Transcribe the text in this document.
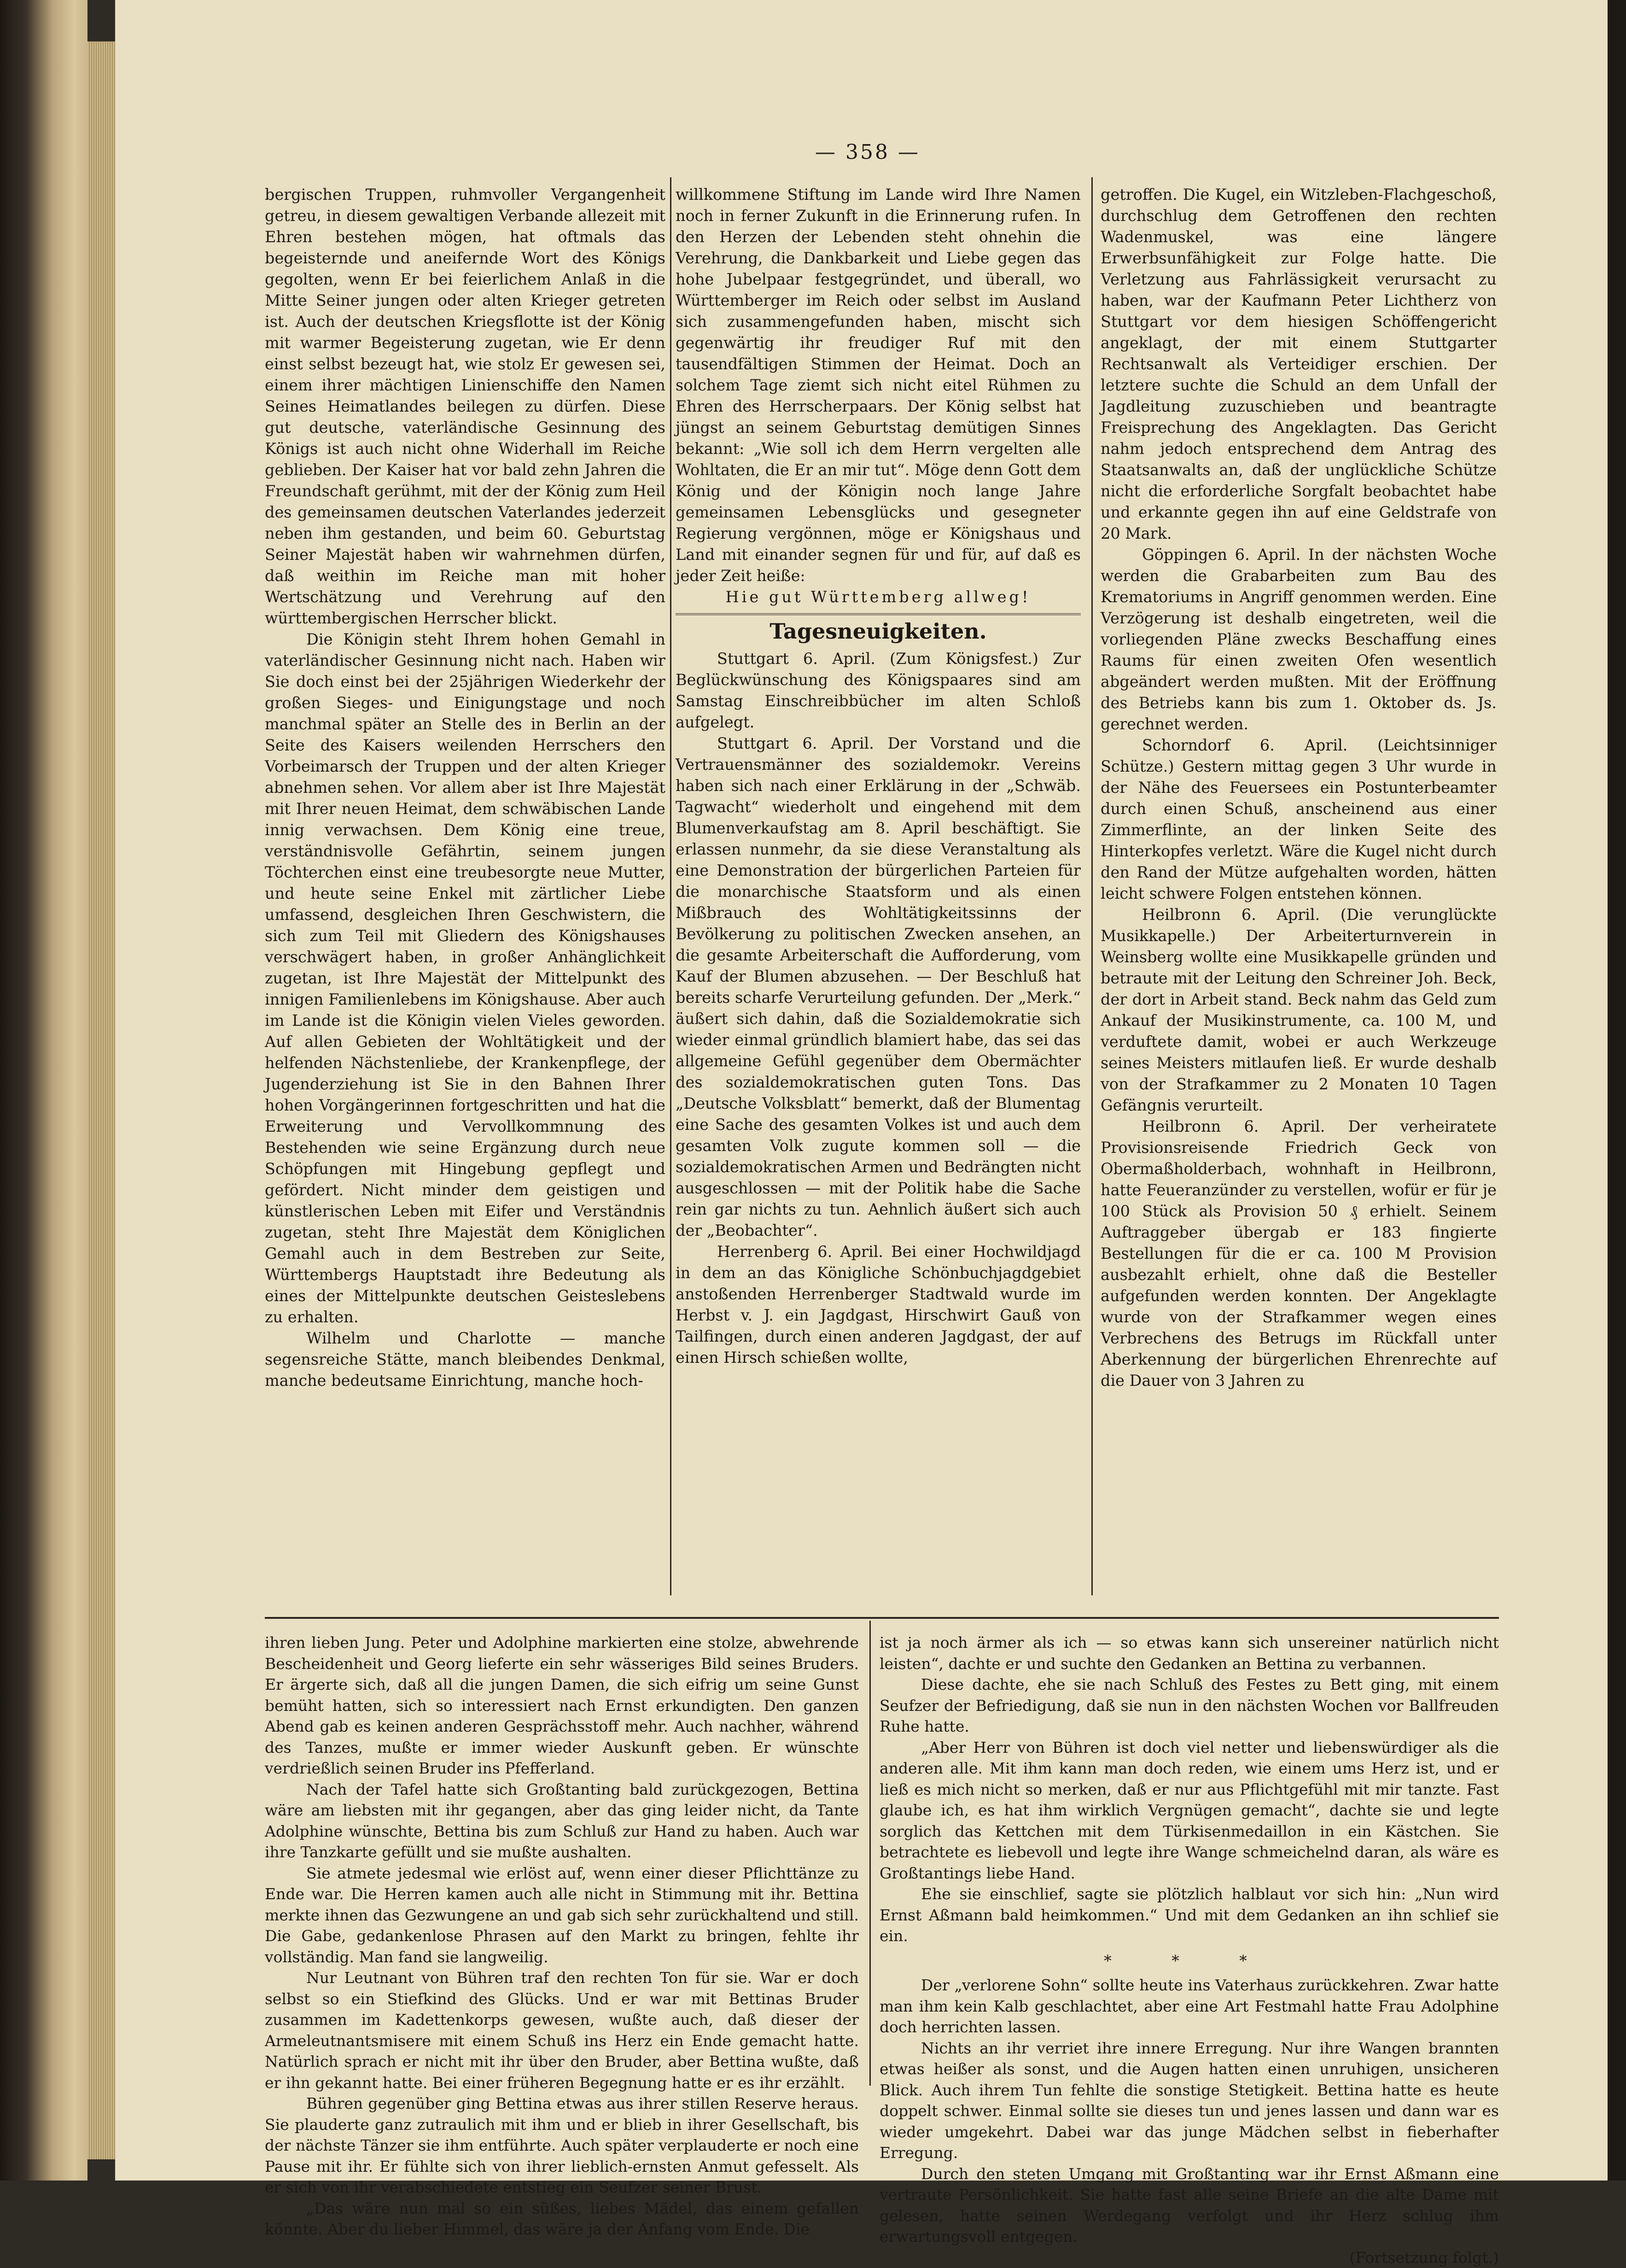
— 358 —

bergischen Truppen, ruhmvoller Vergangenheit getreu, in diesem gewaltigen Verbande allezeit mit Ehren bestehen mögen, hat oftmals das begeisternde und aneiferndе Wort des Königs gegolten, wenn Er bei feierlichem Anlaß in die Mitte Seiner jungen oder alten Krieger getreten ist. Auch der deutschen Kriegsflotte ist der König mit warmer Begeisterung zugetan, wie Er denn einst selbst bezeugt hat, wie stolz Er gewesen sei, einem ihrer mächtigen Linienschiffe den Namen Seines Heimatlandes beilegen zu dürfen. Diese gut deutsche, vaterländische Gesinnung des Königs ist auch nicht ohne Widerhall im Reiche geblieben. Der Kaiser hat vor bald zehn Jahren die Freundschaft gerühmt, mit der der König zum Heil des gemeinsamen deutschen Vaterlandes jederzeit neben ihm gestanden, und beim 60. Geburtstag Seiner Majestät haben wir wahrnehmen dürfen, daß weithin im Reiche man mit hoher Wertschätzung und Verehrung auf den württembergischen Herrscher blickt.

Die Königin steht Ihrem hohen Gemahl in vaterländischer Gesinnung nicht nach. Haben wir Sie doch einst bei der 25jährigen Wiederkehr der großen Sieges- und Einigungstage und noch manchmal später an Stelle des in Berlin an der Seite des Kaisers weilenden Herrschers den Vorbeimarsch der Truppen und der alten Krieger abnehmen sehen. Vor allem aber ist Ihre Majestät mit Ihrer neuen Heimat, dem schwäbischen Lande innig verwachsen. Dem König eine treue, verständnisvolle Gefährtin, seinem jungen Töchterchen einst eine treubesorgte neue Mutter, und heute seine Enkel mit zärtlicher Liebe umfassend, desgleichen Ihren Geschwistern, die sich zum Teil mit Gliedern des Königshauses verschwägert haben, in großer Anhänglichkeit zugetan, ist Ihre Majestät der Mittelpunkt des innigen Familienlebens im Königshause. Aber auch im Lande ist die Königin vielen Vieles geworden. Auf allen Gebieten der Wohltätigkeit und der helfenden Nächstenliebe, der Krankenpflege, der Jugenderziehung ist Sie in den Bahnen Ihrer hohen Vorgängerinnen fortgeschritten und hat die Erweiterung und Vervollkommnung des Bestehenden wie seine Ergänzung durch neue Schöpfungen mit Hingebung gepflegt und gefördert. Nicht minder dem geistigen und künstlerischen Leben mit Eifer und Verständnis zugetan, steht Ihre Majestät dem Königlichen Gemahl auch in dem Bestreben zur Seite, Württembergs Hauptstadt ihre Bedeutung als eines der Mittelpunkte deutschen Geisteslebens zu erhalten.

Wilhelm und Charlotte — manche segensreiche Stätte, manch bleibendes Denkmal, manche bedeutsame Einrichtung, manche hoch-

willkommene Stiftung im Lande wird Ihre Namen noch in ferner Zukunft in die Erinnerung rufen. In den Herzen der Lebenden steht ohnehin die Verehrung, die Dankbarkeit und Liebe gegen das hohe Jubelpaar festgegründet, und überall, wo Württemberger im Reich oder selbst im Ausland sich zusammengefunden haben, mischt sich gegenwärtig ihr freudiger Ruf mit den tausendfältigen Stimmen der Heimat. Doch an solchem Tage ziemt sich nicht eitel Rühmen zu Ehren des Herrscherpaars. Der König selbst hat jüngst an seinem Geburtstag demütigen Sinnes bekannt: „Wie soll ich dem Herrn vergelten alle Wohltaten, die Er an mir tut“. Möge denn Gott dem König und der Königin noch lange Jahre gemeinsamen Lebensglücks und gesegneter Regierung vergönnen, möge er Königshaus und Land mit einander segnen für und für, auf daß es jeder Zeit heiße:

Hie gut Württemberg allweg!

Tagesneuigkeiten.

Stuttgart 6. April. (Zum Königsfest.) Zur Beglückwünschung des Königspaares sind am Samstag Einschreibbücher im alten Schloß aufgelegt.

Stuttgart 6. April. Der Vorstand und die Vertrauensmänner des sozialdemokr. Vereins haben sich nach einer Erklärung in der „Schwäb. Tagwacht“ wiederholt und eingehend mit dem Blumenverkaufstag am 8. April beschäftigt. Sie erlassen nunmehr, da sie diese Veranstaltung als eine Demonstration der bürgerlichen Parteien für die monarchische Staatsform und als einen Mißbrauch des Wohltätigkeitssinns der Bevölkerung zu politischen Zwecken ansehen, an die gesamte Arbeiterschaft die Aufforderung, vom Kauf der Blumen abzusehen. — Der Beschluß hat bereits scharfe Verurteilung gefunden. Der „Merk.“ äußert sich dahin, daß die Sozialdemokratie sich wieder einmal gründlich blamiert habe, das sei das allgemeine Gefühl gegenüber dem Obermächter des sozialdemokratischen guten Tons. Das „Deutsche Volksblatt“ bemerkt, daß der Blumentag eine Sache des gesamten Volkes ist und auch dem gesamten Volk zugute kommen soll — die sozialdemokratischen Armen und Bedrängten nicht ausgeschlossen — mit der Politik habe die Sache rein gar nichts zu tun. Aehnlich äußert sich auch der „Beobachter“.

Herrenberg 6. April. Bei einer Hochwildjagd in dem an das Königliche Schönbuchjagdgebiet anstoßenden Herrenberger Stadtwald wurde im Herbst v. J. ein Jagdgast, Hirschwirt Gauß von Tailfingen, durch einen anderen Jagdgast, der auf einen Hirsch schießen wollte,

getroffen. Die Kugel, ein Witzleben-Flachgeschoß, durchschlug dem Getroffenen den rechten Wadenmuskel, was eine längere Erwerbsunfähigkeit zur Folge hatte. Die Verletzung aus Fahrlässigkeit verursacht zu haben, war der Kaufmann Peter Lichtherz von Stuttgart vor dem hiesigen Schöffengericht angeklagt, der mit einem Stuttgarter Rechtsanwalt als Verteidiger erschien. Der letztere suchte die Schuld an dem Unfall der Jagdleitung zuzuschieben und beantragte Freisprechung des Angeklagten. Das Gericht nahm jedoch entsprechend dem Antrag des Staatsanwalts an, daß der unglückliche Schütze nicht die erforderliche Sorgfalt beobachtet habe und erkannte gegen ihn auf eine Geldstrafe von 20 Mark.

Göppingen 6. April. In der nächsten Woche werden die Grabarbeiten zum Bau des Krematoriums in Angriff genommen werden. Eine Verzögerung ist deshalb eingetreten, weil die vorliegenden Pläne zwecks Beschaffung eines Raums für einen zweiten Ofen wesentlich abgeändert werden mußten. Mit der Eröffnung des Betriebs kann bis zum 1. Oktober ds. Js. gerechnet werden.

Schorndorf 6. April. (Leichtsinniger Schütze.) Gestern mittag gegen 3 Uhr wurde in der Nähe des Feuersees ein Postunterbeamter durch einen Schuß, anscheinend aus einer Zimmerflinte, an der linken Seite des Hinterkopfes verletzt. Wäre die Kugel nicht durch den Rand der Mütze aufgehalten worden, hätten leicht schwere Folgen entstehen können.

Heilbronn 6. April. (Die verunglückte Musikkapelle.) Der Arbeiterturnverein in Weinsberg wollte eine Musikkapelle gründen und betraute mit der Leitung den Schreiner Joh. Beck, der dort in Arbeit stand. Beck nahm das Geld zum Ankauf der Musikinstrumente, ca. 100 M, und verduftete damit, wobei er auch Werkzeuge seines Meisters mitlaufen ließ. Er wurde deshalb von der Strafkammer zu 2 Monaten 10 Tagen Gefängnis verurteilt.

Heilbronn 6. April. Der verheiratete Provisionsreisende Friedrich Geck von Obermaßholderbach, wohnhaft in Heilbronn, hatte Feueranzünder zu verstellen, wofür er für je 100 Stück als Provision 50 ₰ erhielt. Seinem Auftraggeber übergab er 183 fingierte Bestellungen für die er ca. 100 M Provision ausbezahlt erhielt, ohne daß die Besteller aufgefunden werden konnten. Der Angeklagte wurde von der Strafkammer wegen eines Verbrechens des Betrugs im Rückfall unter Aberkennung der bürgerlichen Ehrenrechte auf die Dauer von 3 Jahren zu

ihren lieben Jung. Peter und Adolphine markierten eine stolze, abwehrende Bescheidenheit und Georg lieferte ein sehr wässeriges Bild seines Bruders. Er ärgerte sich, daß all die jungen Damen, die sich eifrig um seine Gunst bemüht hatten, sich so interessiert nach Ernst erkundigten. Den ganzen Abend gab es keinen anderen Gesprächsstoff mehr. Auch nachher, während des Tanzes, mußte er immer wieder Auskunft geben. Er wünschte verdrießlich seinen Bruder ins Pfefferland.

Nach der Tafel hatte sich Großtanting bald zurückgezogen, Bettina wäre am liebsten mit ihr gegangen, aber das ging leider nicht, da Tante Adolphine wünschte, Bettina bis zum Schluß zur Hand zu haben. Auch war ihre Tanzkarte gefüllt und sie mußte aushalten.

Sie atmete jedesmal wie erlöst auf, wenn einer dieser Pflichttänze zu Ende war. Die Herren kamen auch alle nicht in Stimmung mit ihr. Bettina merkte ihnen das Gezwungene an und gab sich sehr zurückhaltend und still. Die Gabe, gedankenlose Phrasen auf den Markt zu bringen, fehlte ihr vollständig. Man fand sie langweilig.

Nur Leutnant von Bühren traf den rechten Ton für sie. War er doch selbst so ein Stiefkind des Glücks. Und er war mit Bettinas Bruder zusammen im Kadettenkorps gewesen, wußte auch, daß dieser der Armeleutnantsmisere mit einem Schuß ins Herz ein Ende gemacht hatte. Natürlich sprach er nicht mit ihr über den Bruder, aber Bettina wußte, daß er ihn gekannt hatte. Bei einer früheren Begegnung hatte er es ihr erzählt.

Bühren gegenüber ging Bettina etwas aus ihrer stillen Reserve heraus. Sie plauderte ganz zutraulich mit ihm und er blieb in ihrer Gesellschaft, bis der nächste Tänzer sie ihm entführte. Auch später verplauderte er noch eine Pause mit ihr. Er fühlte sich von ihrer lieblich-ernsten Anmut gefesselt. Als er sich von ihr verabschiedete entstieg ein Seufzer seiner Brust.

„Das wäre nun mal so ein süßes, liebes Mädel, das einem gefallen könnte. Aber du lieber Himmel, das wäre ja der Anfang vom Ende. Die

ist ja noch ärmer als ich — so etwas kann sich unsereiner natürlich nicht leisten“, dachte er und suchte den Gedanken an Bettina zu verbannen.

Diese dachte, ehe sie nach Schluß des Festes zu Bett ging, mit einem Seufzer der Befriedigung, daß sie nun in den nächsten Wochen vor Ballfreuden Ruhe hatte.

„Aber Herr von Bühren ist doch viel netter und liebenswürdiger als die anderen alle. Mit ihm kann man doch reden, wie einem ums Herz ist, und er ließ es mich nicht so merken, daß er nur aus Pflichtgefühl mit mir tanzte. Fast glaube ich, es hat ihm wirklich Vergnügen gemacht“, dachte sie und legte sorglich das Kettchen mit dem Türkisenmedaillon in ein Kästchen. Sie betrachtete es liebevoll und legte ihre Wange schmeichelnd daran, als wäre es Großtantings liebe Hand.

Ehe sie einschlief, sagte sie plötzlich halblaut vor sich hin: „Nun wird Ernst Aßmann bald heimkommen.“ Und mit dem Gedanken an ihn schlief sie ein.

* * *

Der „verlorene Sohn“ sollte heute ins Vaterhaus zurückkehren. Zwar hatte man ihm kein Kalb geschlachtet, aber eine Art Festmahl hatte Frau Adolphine doch herrichten lassen.

Nichts an ihr verriet ihre innere Erregung. Nur ihre Wangen brannten etwas heißer als sonst, und die Augen hatten einen unruhigen, unsicheren Blick. Auch ihrem Tun fehlte die sonstige Stetigkeit. Bettina hatte es heute doppelt schwer. Einmal sollte sie dieses tun und jenes lassen und dann war es wieder umgekehrt. Dabei war das junge Mädchen selbst in fieberhafter Erregung.

Durch den steten Umgang mit Großtanting war ihr Ernst Aßmann eine vertraute Persönlichkeit. Sie hatte fast alle seine Briefe an die alte Dame mit gelesen, hatte seinen Werdegang verfolgt und ihr Herz schlug ihm erwartungsvoll entgegen.

(Fortsetzung folgt.)
